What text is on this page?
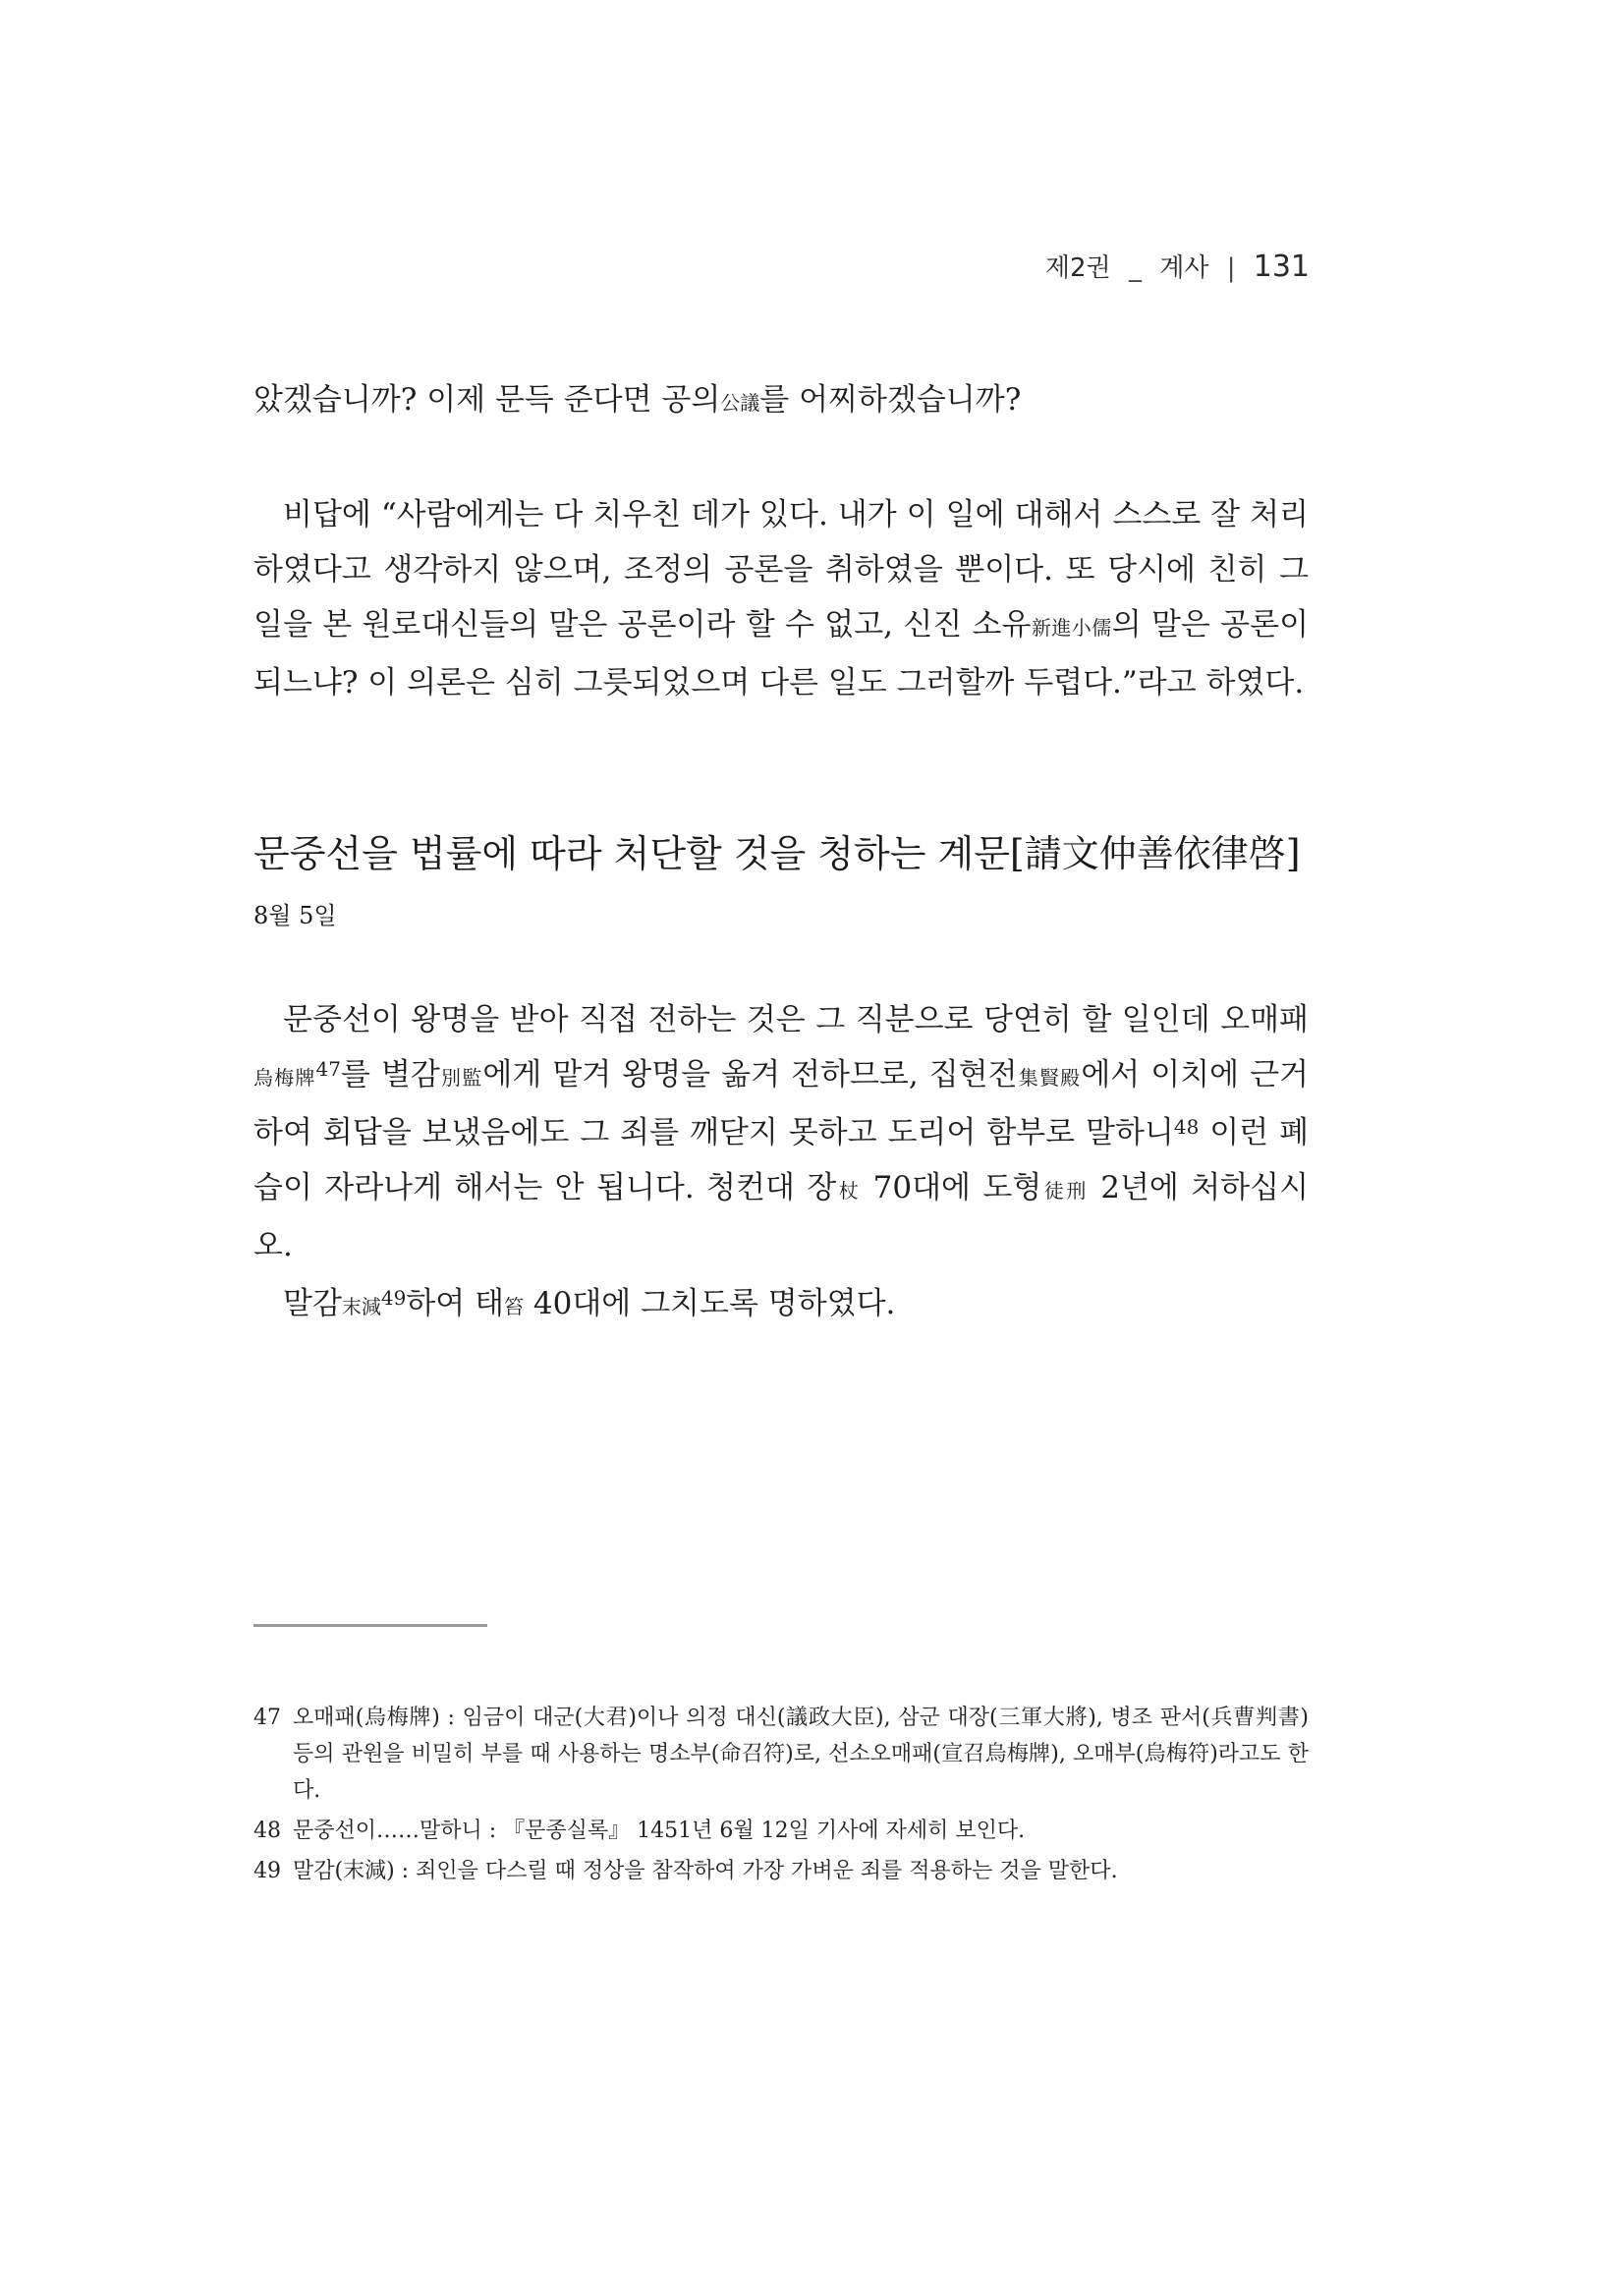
제2권 _ 계사 | 131
았겠습니까? 이제 문득 준다면 공의公議를 어찌하겠습니까?
비답에 “사람에게는 다 치우친 데가 있다. 내가 이 일에 대해서 스스로 잘 처리하였다고 생각하지 않으며, 조정의 공론을 취하였을 뿐이다. 또 당시에 친히 그 일을 본 원로대신들의 말은 공론이라 할 수 없고, 신진 소유新進小儒의 말은 공론이 되느냐? 이 의론은 심히 그릇되었으며 다른 일도 그러할까 두렵다.”라고 하였다.
문중선을 법률에 따라 처단할 것을 청하는 계문[請文仲善依律啓] 8월 5일
문중선이 왕명을 받아 직접 전하는 것은 그 직분으로 당연히 할 일인데 오매패烏梅牌$^{47}$를 별감別監에게 맡겨 왕명을 옮겨 전하므로, 집현전集賢殿에서 이치에 근거하여 회답을 보냈음에도 그 죄를 깨닫지 못하고 도리어 함부로 말하니$^{48}$ 이런 폐습이 자라나게 해서는 안 됩니다. 청컨대 장杖 70대에 도형徒刑 2년에 처하십시오.
말감末減$^{49}$하여 태笞 40대에 그치도록 명하였다.
47 오매패(烏梅牌) : 임금이 대군(大君)이나 의정 대신(議政大臣), 삼군 대장(三軍大將), 병조 판서(兵曹判書) 등의 관원을 비밀히 부를 때 사용하는 명소부(命召符)로, 선소오매패(宣召烏梅牌), 오매부(烏梅符)라고도 한다.
48 문중선이……말하니 : 『문종실록』 1451년 6월 12일 기사에 자세히 보인다.
49 말감(末減) : 죄인을 다스릴 때 정상을 참작하여 가장 가벼운 죄를 적용하는 것을 말한다.
